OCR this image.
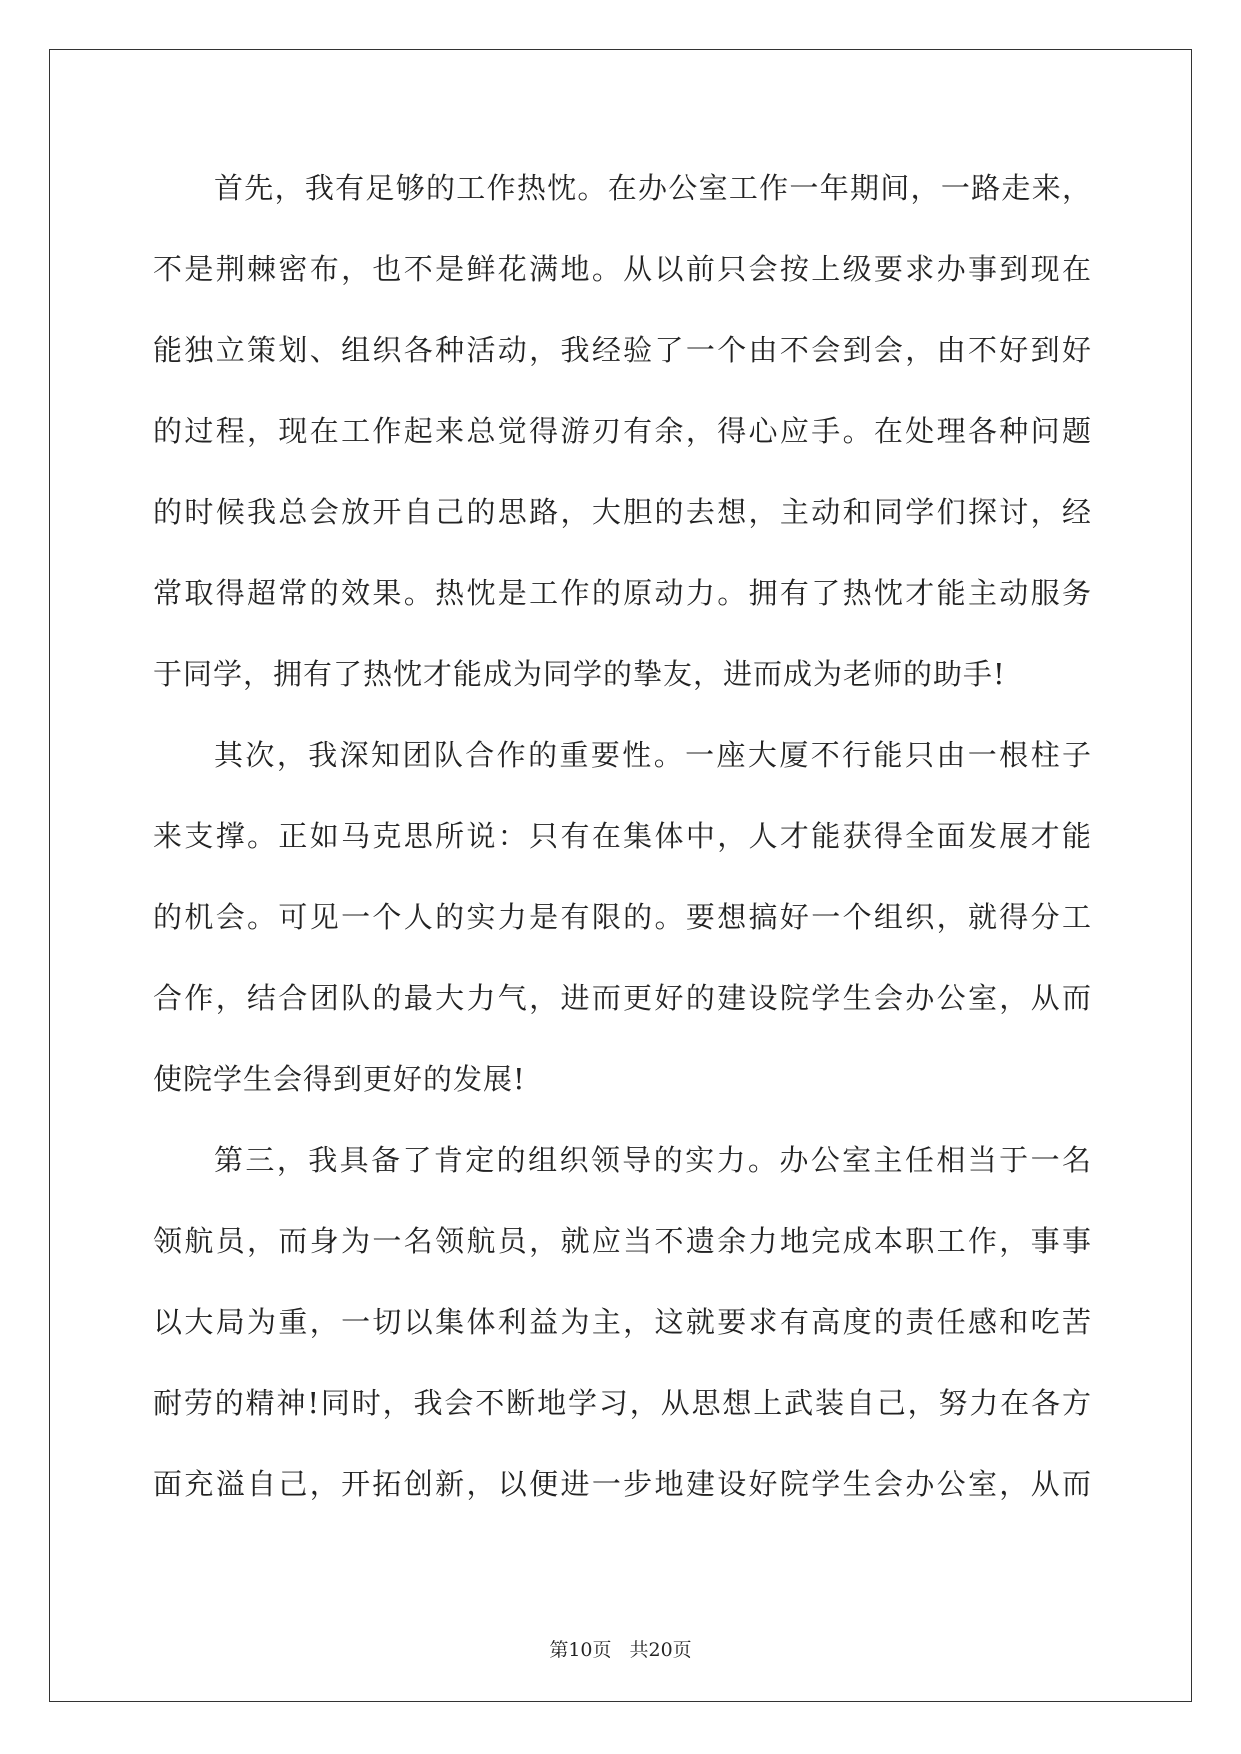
首先，我有足够的工作热忱。在办公室工作一年期间，一路走来，
不是荆棘密布，也不是鲜花满地。从以前只会按上级要求办事到现在
能独立策划、组织各种活动，我经验了一个由不会到会，由不好到好
的过程，现在工作起来总觉得游刃有余，得心应手。在处理各种问题
的时候我总会放开自己的思路，大胆的去想，主动和同学们探讨，经
常取得超常的效果。热忱是工作的原动力。拥有了热忱才能主动服务
于同学，拥有了热忱才能成为同学的挚友，进而成为老师的助手!
其次，我深知团队合作的重要性。一座大厦不行能只由一根柱子
来支撑。正如马克思所说：只有在集体中，人才能获得全面发展才能
的机会。可见一个人的实力是有限的。要想搞好一个组织，就得分工
合作，结合团队的最大力气，进而更好的建设院学生会办公室，从而
使院学生会得到更好的发展!
第三，我具备了肯定的组织领导的实力。办公室主任相当于一名
领航员，而身为一名领航员，就应当不遗余力地完成本职工作，事事
以大局为重，一切以集体利益为主，这就要求有高度的责任感和吃苦
耐劳的精神!同时，我会不断地学习，从思想上武装自己，努力在各方
面充溢自己，开拓创新，以便进一步地建设好院学生会办公室，从而
第10页 共20页
